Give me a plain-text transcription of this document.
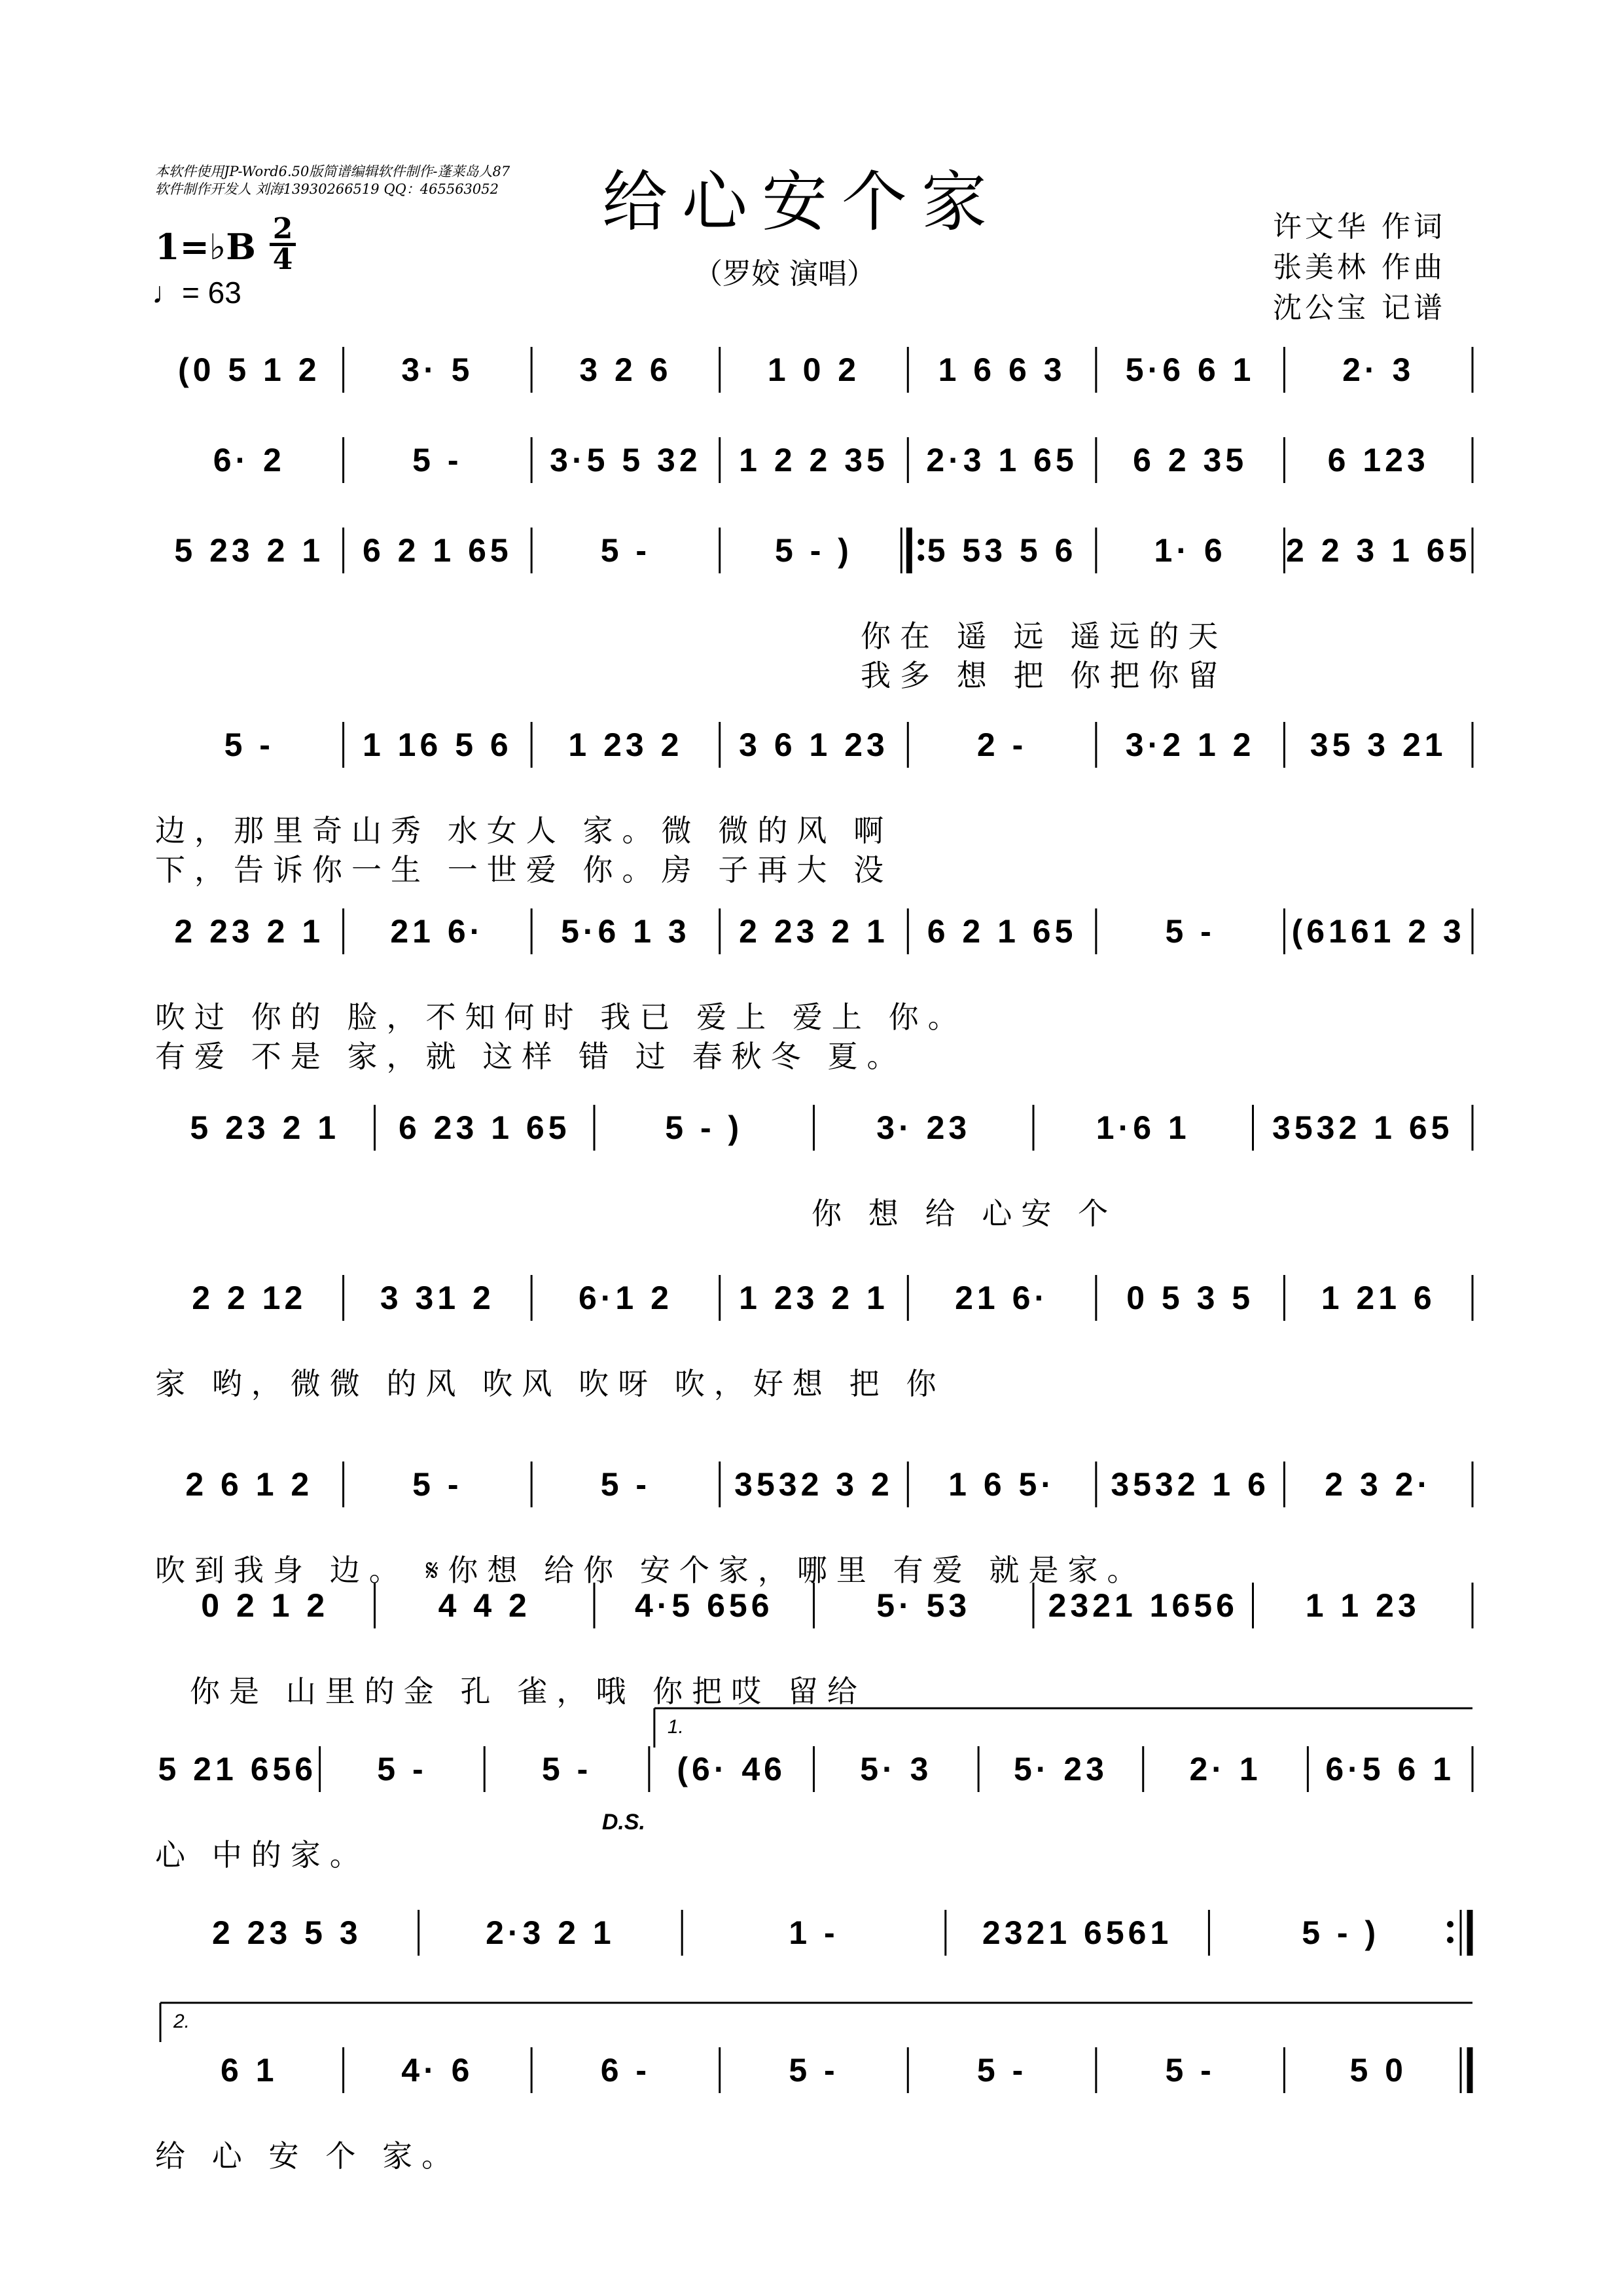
本软件使用JP-Word6.50版简谱编辑软件制作-蓬莱岛人87
软件制作开发人 刘海13930266519 QQ：465563052 给心安个家
（罗姣 演唱）
许文华 作词
张美林 作曲
沈公宝 记谱
1=♭B 2
4
♩= 63
(0 5 1 2 3· 5	3 2 6	1 0 2 1 6 6 3 5·6 6 1	2· 3
6· 2	5 -	3·5 5 32 1 2 2 35 2·3 1 65 6 2 35 6 123
5 23 2 1 6 2 1 65	5 -	5 - ) 5 53 5 6 1· 6 2 2 3 1 65
你在 遥 远 遥远的天
我多 想 把 你把你留
5 -	1 16 5 6 1 23 2 3 6 1 23	2 -	3·2 1 2 35 3 21
边，那里奇山秀 水女人 家。微 微的风 啊
下，告诉你一生 一世爱 你。房 子再大 没
2 23 2 1 21 6· 5·6 1 3 2 23 2 1 6 2 1 65	5 - (6161 2 3
吹过 你的 脸，不知何时 我已 爱上 爱上 你。
有爱 不是 家，就 这样 错 过 春秋冬 夏。
5 23 2 1 6 23 1 65	5 - )	3· 23	1·6 1	3532 1 65
你 想 给 心安 个
2 2 12 3 31 2	6·1 2 1 23 2 1 21 6· 0 5 3 5 1 21 6
家 哟，微微 的风 吹风 吹呀 吹，好想 把 你
2 6 1 2	5 -	5 -	3532 3 2 1 6 5· 3532 1 6 2 3 2·
吹到我身 边。 𝄋你想 给你 安个家，哪里 有爱 就是家。
0 2 1 2	4 4 2	4·5 656	5· 53 2321 1656 1 1 23
你是 山里的金 孔 雀，哦 你把哎 留给
5 21 656 5 -	5 -	(6· 46 5· 3 5· 23 2· 1 6·5 6 1
1.
D.S.
心 中的家。
2 23 5 3	2·3 2 1	1 -	2321 6561	5 - )
6 1	4· 6	6 -	5 -	5 -	5 -	5 0
2.
给 心 安 个 家。
